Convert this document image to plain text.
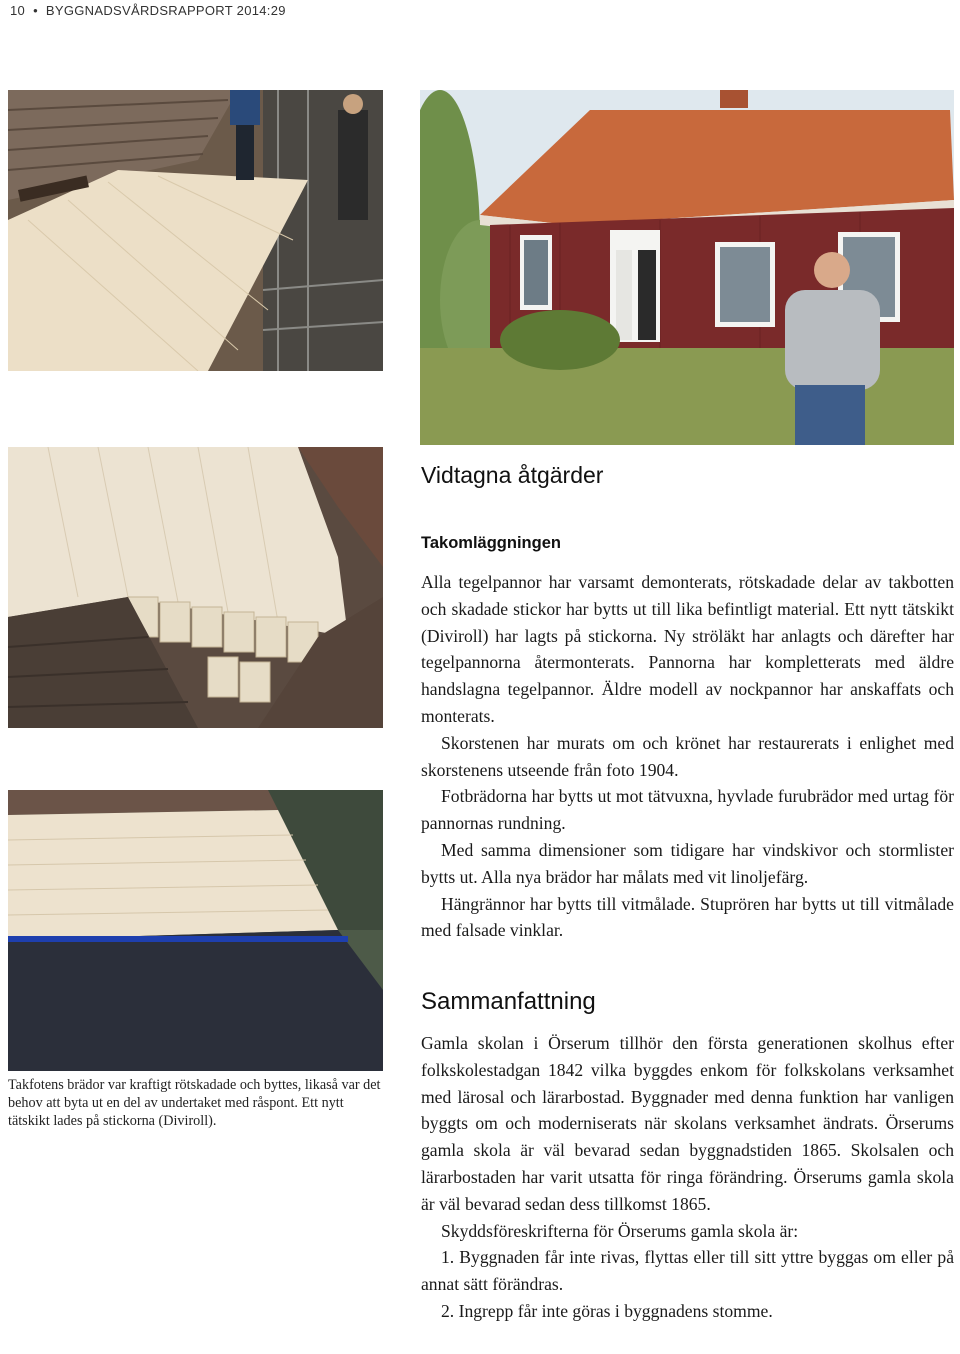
10 • BYGGNADSVÅRDSRAPPORT 2014:29

Takfotens brädor var kraftigt rötskadade och byttes, likaså var det behov att byta ut en del av undertaket med råspont. Ett nytt tätskikt lades på stickorna (Diviroll).

Vidtagna åtgärder
Takomläggningen

Alla tegelpannor har varsamt demonterats, rötskadade delar av takbotten och skadade stickor har bytts ut till lika befintligt material. Ett nytt tätskikt (Diviroll) har lagts på stickorna. Ny ströläkt har anlagts och därefter har tegelpannorna återmonterats. Pannorna har kompletterats med äldre handslagna tegelpannor. Äldre modell av nockpannor har anskaffats och monterats.

Skorstenen har murats om och krönet har restaurerats i enlighet med skorstenens utseende från foto 1904.

Fotbrädorna har bytts ut mot tätvuxna, hyvlade furubrädor med urtag för pannornas rundning.

Med samma dimensioner som tidigare har vindskivor och stormlister bytts ut. Alla nya brädor har målats med vit linoljefärg.

Hängrännor har bytts till vitmålade. Stuprören har bytts ut till vitmålade med falsade vinklar.

Sammanfattning

Gamla skolan i Örserum tillhör den första generationen skolhus efter folkskolestadgan 1842 vilka byggdes enkom för folkskolans verksamhet med lärosal och lärarbostad. Byggnader med denna funktion har vanligen byggts om och moderniserats när skolans verksamhet ändrats. Örserums gamla skola är väl bevarad sedan byggnadstiden 1865. Skolsalen och lärarbostaden har varit utsatta för ringa förändring. Örserums gamla skola är väl bevarad sedan dess tillkomst 1865.

Skyddsföreskrifterna för Örserums gamla skola är:

1. Byggnaden får inte rivas, flyttas eller till sitt yttre byggas om eller på annat sätt förändras.

2. Ingrepp får inte göras i byggnadens stomme.
